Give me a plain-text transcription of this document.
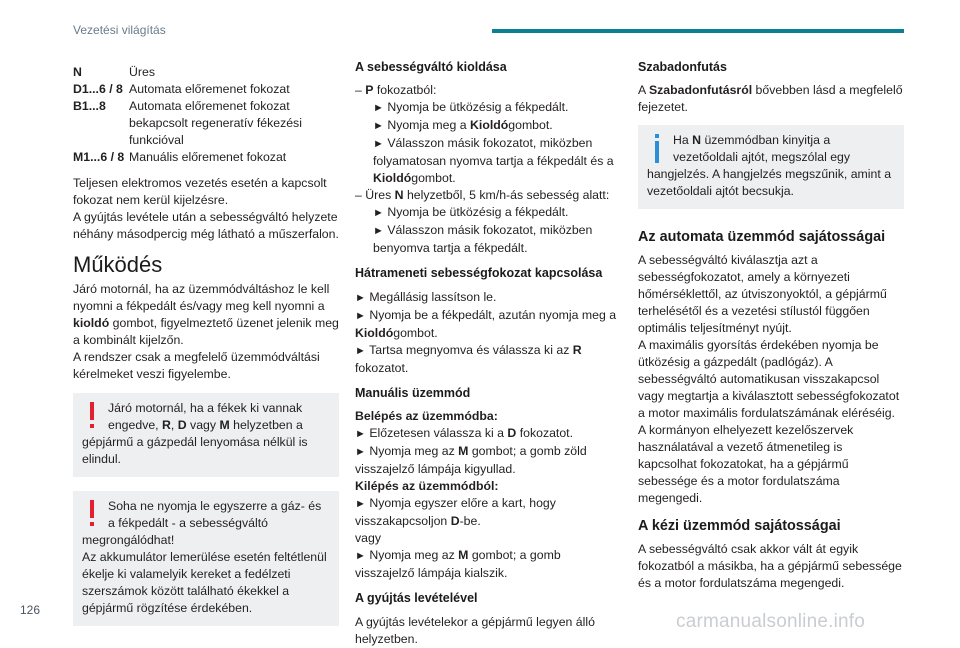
Vezetési világítás
N	Üres
D1...6 / 8	Automata előremenet fokozat
B1...8	Automata előremenet fokozat bekapcsolt regeneratív fékezési funkcióval
M1...6 / 8	Manuális előremenet fokozat

Teljesen elektromos vezetés esetén a kapcsolt fokozat nem kerül kijelzésre.

A gyújtás levétele után a sebességváltó helyzete néhány másodpercig még látható a műszerfalon.

Működés

Járó motornál, ha az üzemmódváltáshoz le kell nyomni a fékpedált és/vagy meg kell nyomni a kioldó gombot, figyelmeztető üzenet jelenik meg a kombinált kijelzőn.

A rendszer csak a megfelelő üzemmódváltási kérelmeket veszi figyelembe.

Járó motornál, ha a fékek ki vannak engedve, R, D vagy M helyzetben a gépjármű a gázpedál lenyomása nélkül is elindul.

Soha ne nyomja le egyszerre a gáz- és a fékpedált - a sebességváltó megrongálódhat!

Az akkumulátor lemerülése esetén feltétlenül ékelje ki valamelyik kereket a fedélzeti szerszámok között található ékekkel a gépjármű rögzítése érdekében.

A sebességváltó kioldása

– P fokozatból:

► Nyomja be ütközésig a fékpedált.

► Nyomja meg a Kioldógombot.

► Válasszon másik fokozatot, miközben folyamatosan nyomva tartja a fékpedált és a Kioldógombot.

– Üres N helyzetből, 5 km/h-ás sebesség alatt:

► Nyomja be ütközésig a fékpedált.

► Válasszon másik fokozatot, miközben benyomva tartja a fékpedált.

Hátrameneti sebességfokozat kapcsolása

► Megállásig lassítson le.

► Nyomja be a fékpedált, azután nyomja meg a Kioldógombot.

► Tartsa megnyomva és válassza ki az R fokozatot.

Manuális üzemmód

Belépés az üzemmódba:

► Előzetesen válassza ki a D fokozatot.

► Nyomja meg az M gombot; a gomb zöld visszajelző lámpája kigyullad.

Kilépés az üzemmódból:

► Nyomja egyszer előre a kart, hogy visszakapcsoljon D-be.

vagy

► Nyomja meg az M gombot; a gomb visszajelző lámpája kialszik.

A gyújtás levételével

A gyújtás levételekor a gépjármű legyen álló helyzetben.

Szabadonfutás

A Szabadonfutásról bővebben lásd a megfelelő fejezetet.

Ha N üzemmódban kinyitja a vezetőoldali ajtót, megszólal egy hangjelzés. A hangjelzés megszűnik, amint a vezetőoldali ajtót becsukja.
Az automata üzemmód sajátosságai

A sebességváltó kiválasztja azt a sebességfokozatot, amely a környezeti hőmérséklettől, az útviszonyoktól, a gépjármű terhelésétől és a vezetési stílustól függően optimális teljesítményt nyújt.

A maximális gyorsítás érdekében nyomja be ütközésig a gázpedált (padlógáz). A sebességváltó automatikusan visszakapcsol vagy megtartja a kiválasztott sebességfokozatot a motor maximális fordulatszámának eléréséig.

A kormányon elhelyezett kezelőszervek használatával a vezető átmenetileg is kapcsolhat fokozatokat, ha a gépjármű sebessége és a motor fordulatszáma megengedi.

A kézi üzemmód sajátosságai

A sebességváltó csak akkor vált át egyik fokozatból a másikba, ha a gépjármű sebessége és a motor fordulatszáma megengedi.

126
carmanualsonline.info
